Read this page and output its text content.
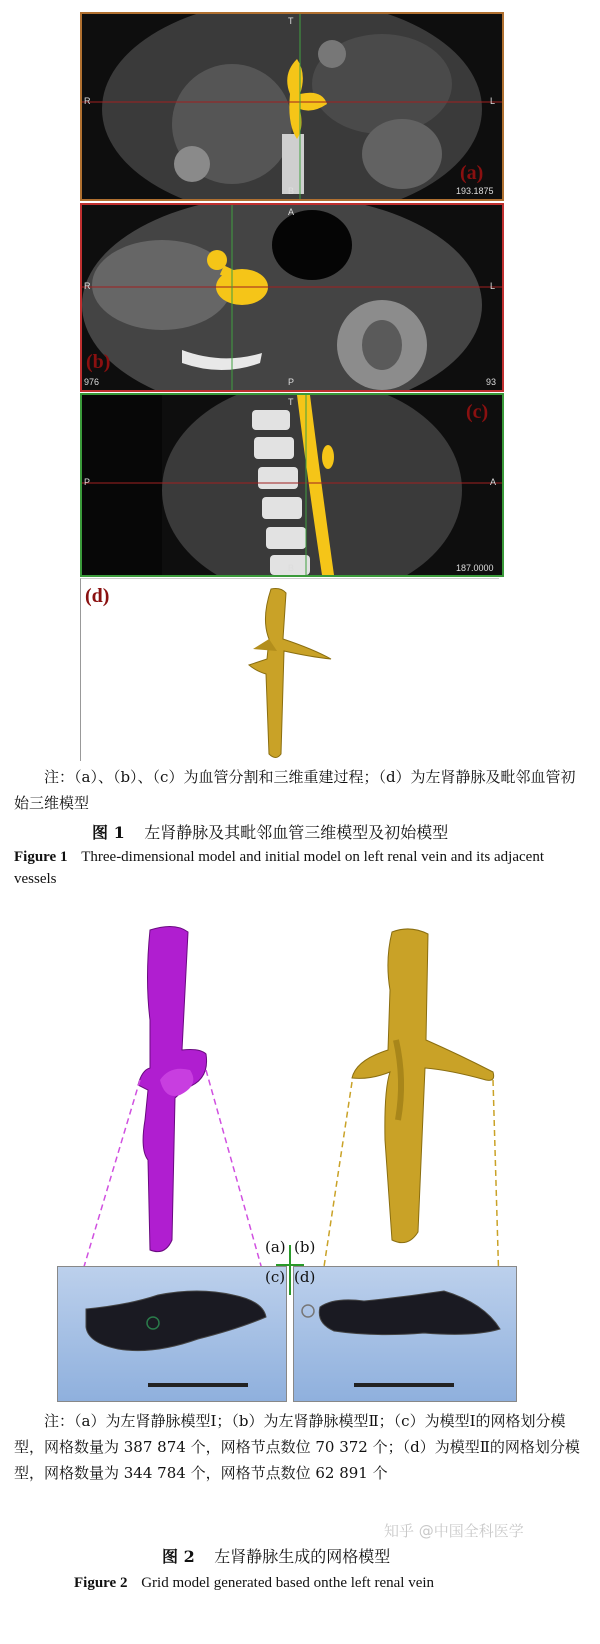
T
B
R	L
(a)
193.1875
A
P
R	L
(b)
976	93
T
B
P	A
(c)
187.0000
(d)
注：（a）、（b）、（c）为血管分割和三维重建过程；（d）为左肾静脉及毗邻血管初始三维模型
图 1 左肾静脉及其毗邻血管三维模型及初始模型
Figure 1 Three-dimensional model and initial model on left renal vein and its adjacent vessels
(a) (b)
(c) (d)
注：（a）为左肾静脉模型Ⅰ；（b）为左肾静脉模型Ⅱ；（c）为模型Ⅰ的网格划分模型，网格数量为 387 874 个，网格节点数位 70 372 个；（d）为模型Ⅱ的网格划分模型，网格数量为 344 784 个，网格节点数位 62 891 个
图 2 左肾静脉生成的网格模型
Figure 2 Grid model generated based onthe left renal vein
知乎 @中国全科医学
